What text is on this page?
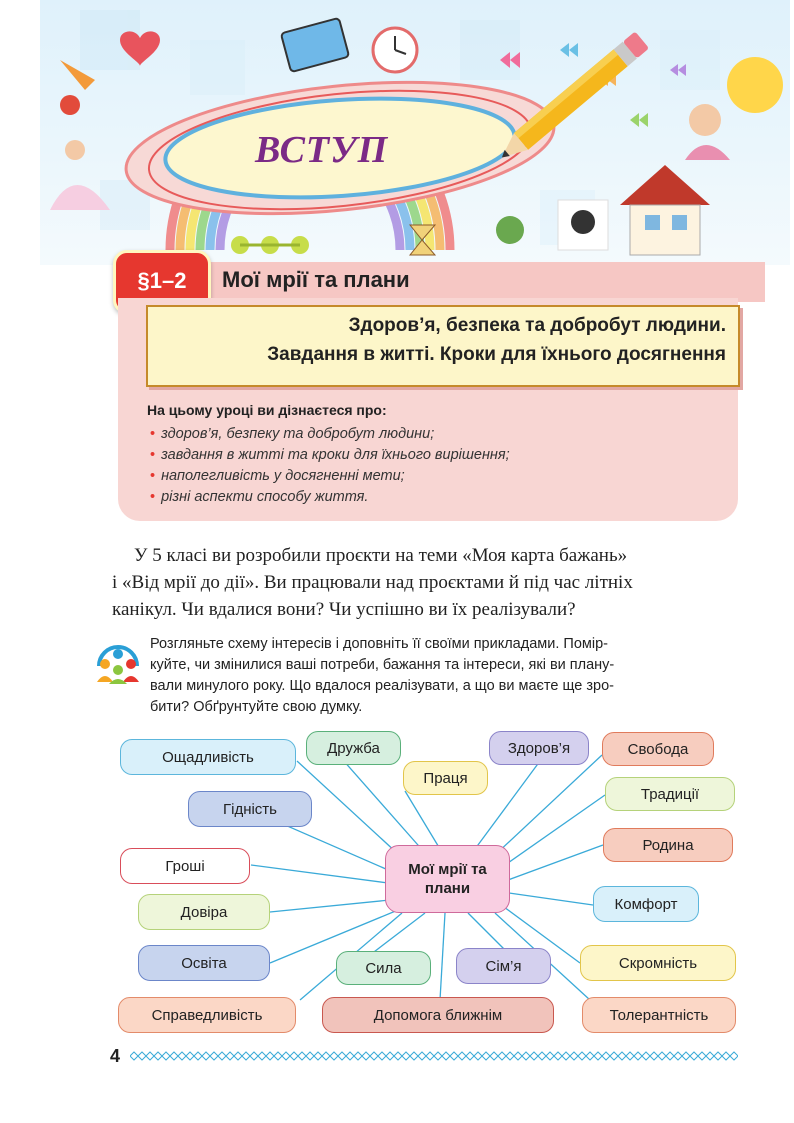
ВСТУП
§1–2	Мої мрії та плани
Здоров’я, безпека та добробут людини.
Завдання в житті. Кроки для їхнього досягнення
На цьому уроці ви дізнаєтеся про:
• здоров’я, безпеку та добробут людини;
• завдання в житті та кроки для їхнього вирішення;
• наполегливість у досягненні мети;
• різні аспекти способу життя.
У 5 класі ви розробили проєкти на теми «Моя карта бажань»
і «Від мрії до дії». Ви працювали над проєктами й під час літніх
канікул. Чи вдалися вони? Чи успішно ви їх реалізували?
Розгляньте схему інтересів і доповніть її своїми прикладами. Помір-
куйте, чи змінилися ваші потреби, бажання та інтереси, які ви плану-
вали минулого року. Що вдалося реалізувати, а що ви маєте ще зро-
бити? Обґрунтуйте свою думку.
Ощадливість
Дружба
Праця
Здоров’я	Свобода
Традиції
Гідність
Родина
Гроші
Комфорт
Довіра
Освіта	Сила	Сім’я	Скромність
Справедливість	Допомога ближнім	Толерантність
Мої мрії та
плани
4
